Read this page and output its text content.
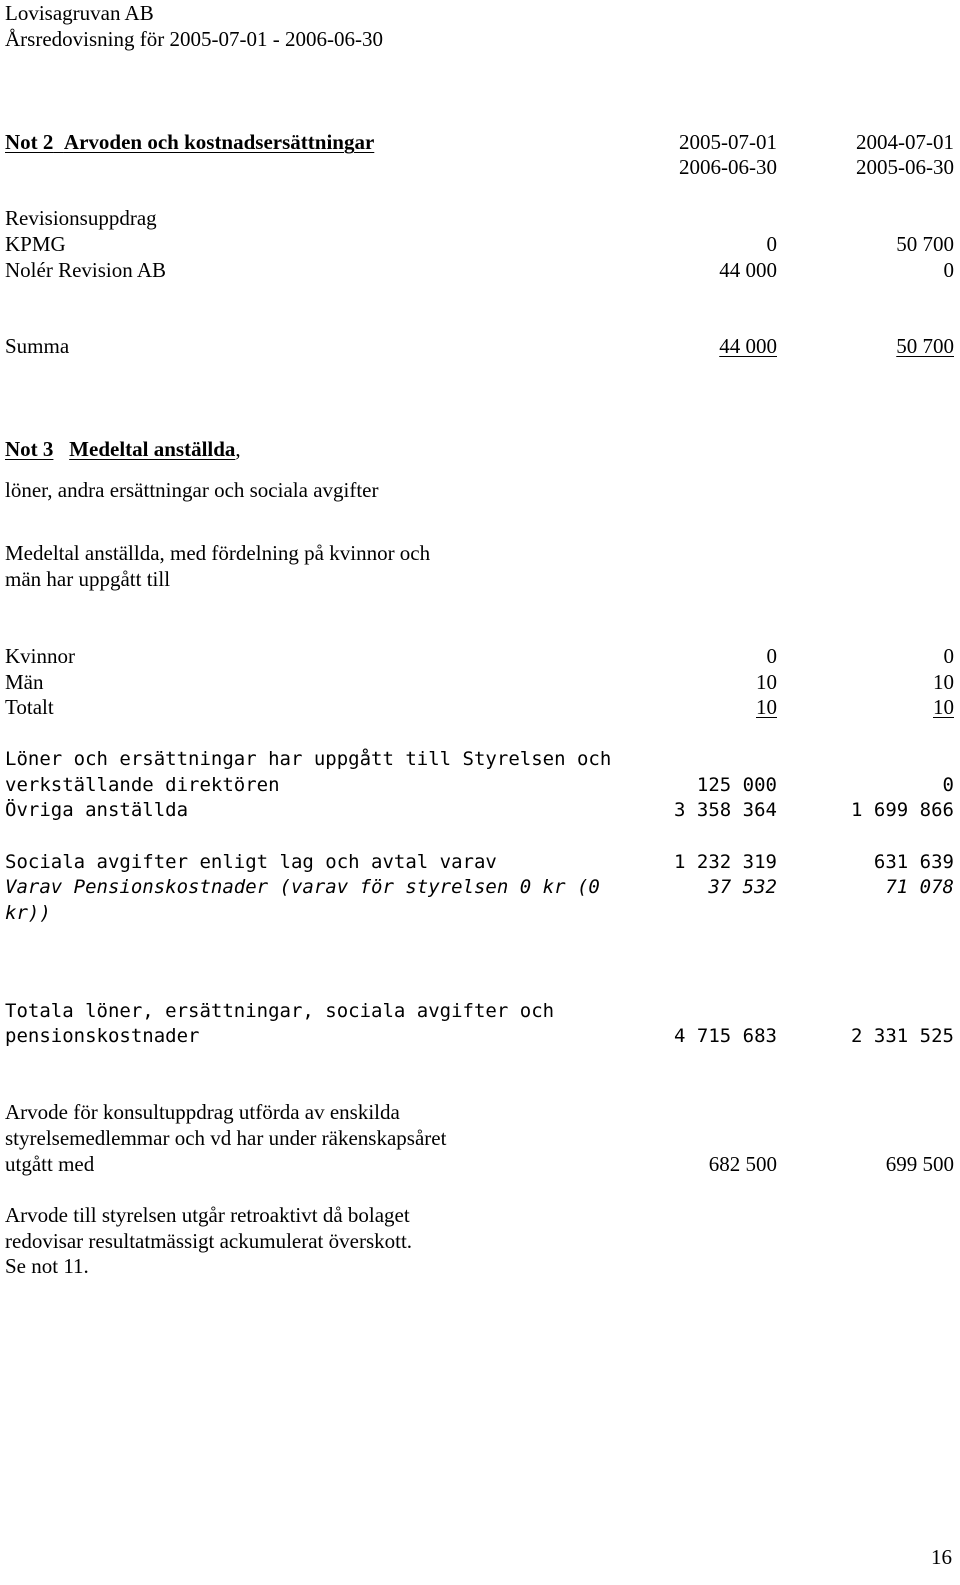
Lovisagruvan AB
Årsredovisning för 2005-07-01 - 2006-06-30
Not 2 Arvoden och kostnadsersättningar	2005-07-01	2004-07-01
2006-06-30	2005-06-30
Revisionsuppdrag
KPMG	0	50 700
Nolér Revision AB	44 000	0
Summa	44 000	50 700
Not 3 Medeltal anställda,
löner, andra ersättningar och sociala avgifter
Medeltal anställda, med fördelning på kvinnor och
män har uppgått till
Kvinnor	0	0
Män	10	10
Totalt	10	10
Löner och ersättningar har uppgått till Styrelsen och
verkställande direktören	125 000	0
Övriga anställda	3 358 364	1 699 866
Sociala avgifter enligt lag och avtal varav	1 232 319	631 639
Varav Pensionskostnader (varav för styrelsen 0 kr (0	37 532	71 078
kr))
Totala löner, ersättningar, sociala avgifter och
pensionskostnader	4 715 683	2 331 525
Arvode för konsultuppdrag utförda av enskilda
styrelsemedlemmar och vd har under räkenskapsåret
utgått med	682 500	699 500
Arvode till styrelsen utgår retroaktivt då bolaget
redovisar resultatmässigt ackumulerat överskott.
Se not 11.
16
